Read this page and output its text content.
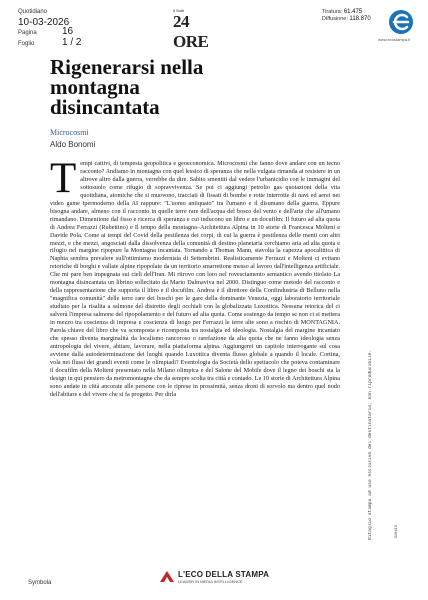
Quotidiano
10-03-2026
Pagina	16
Foglio	1 / 2
Il Sole
24 ORE
Tiratura: 61.475
Diffusione: 118.870
www.ecostampa.it
Rigenerarsi nella montagna disincantata
Microcosmi
Aldo Bonomi

Tempi cattivi, di tempesta geopolitica e geoeconomica. Microcosmi che fanno dove andare con un tecno racconto? Andiamo in montagna con quel lessico di speranza che nella vulgata rimanda ai resistere in un altrove altro dalla guerra, verrebbe da dire. Sabito smentiti dal vedere l'urbanicidio con le immagini del sottosuolo come rifugio di sopravvivenza. Se poi ci aggiungi petrolio gas quotazioni della vita quotidiana, atomiche che si muovono, tracciati di fissati di bombe e rotte interrotte di navi ed aerei nei video game ipermoderno della AI rappure: "L'uomo antiquato" tra l'umano e il disumano della guerra. Eppure bisogna andare, almeno con il racconto in quelle terre rare dell'acqua del bosco del vento e dell'aria che all'umano rimandano. Dimentione dal fisso e ricerca di speranza e cui inducono un libro e un docufilm: Il futuro ad alta quota di Andrea Ferrazzi (Rubettino) e Il tempo della montagna–Architettura Alpina in 10 storie di Francesca Molteni e Davide Pola. Come ai tempi del Covid della pestilenza dei corpi, di cui la guerra è pestilenza delle menti con altri mezzi, e che mezzi, angosciati dalla dissolvenza della comunità di destino planetaria cerchiamo aria ad alta quota e rifugio nel margine ripopure la Montagna incantata. Tornando a Thomas Mann, stavolta la capezza apocalittica di Naphta sembra prevalere sull'ottimismo modernista di Settembrini. Realisticamente Ferrazzi e Molteni ci evitano retoriche di borghi e vallate alpine ripopolate da un territorio smarrettone messo al lavoro dall'intelligenza artificiale. Che mi pare ben impegnata sui cieli dell'Iran. Mi ritrovo con loro nel rovesciamento semantico avendo titolato La montagna disincantata un librino sollecitato da Mario Dalmaviva nel 2000. Distinguo come metodo del racconto e della rappresentazione che supporta il libro e il docufilm. Andrea è il direttore della Confindustria di Belluno nella "magnifica comunità" delle terre rare dei boschi per le gare della dominante Venezia, oggi laboratorio territoriale studiato per la risalita a salmone del distretto degli occhiali con la globalizzata Luxottica. Nessuna retorica del ci salverà l'impresa salmone del ripopolamento e del futuro ad alta quota. Come sostengo da tempo se non ci si mettera in mezzo tra coscienza di impresa e coscienza di luogo per Ferrazzi le terre alte sono a rischio di MONTAGNIA. Parola chiave del libro che va scomposta e ricomposta tra nostalgia ed ideologia. Nostalgia del margine incantato che spesso diventa marginalità da localismo rancoroso o rarefazione da alta quota che ne fanno ideologia senza antropologia del vivere, abitare, lavorare, nella piattaforma alpina. Aggiungerei un capitolo interrogante sul cosa avviene dalla autodeterminazione dei luoghi quando Luxottica diventa flusso globale a quando il locale. Cortina, vola nei flussi dei grandi eventi come le olimpiadi? Eventologia da Società dello spettacolo che poteva contaminare il docufilm della Molteni presentato nella Milano olimpica e del Salone del Mobile dove il legno dei boschi sta la design in qui pensiero da metromontagne che da sempre scolta tra città e contado. Le 10 storie di Architettura Alpina sono andate in città ancorate alle persone con le riprese in prossimità, senza droni di sorvolo ma dentro quel nodo dell'abitare e del vivere che si fa progetto. Per dirla	Ritaglio stampa ad uso esclusivo del destinatario, non riproducibile.	016413
Symbola
L'ECO DELLA STAMPA
LEADER IN MEDIA INTELLIGENCE
